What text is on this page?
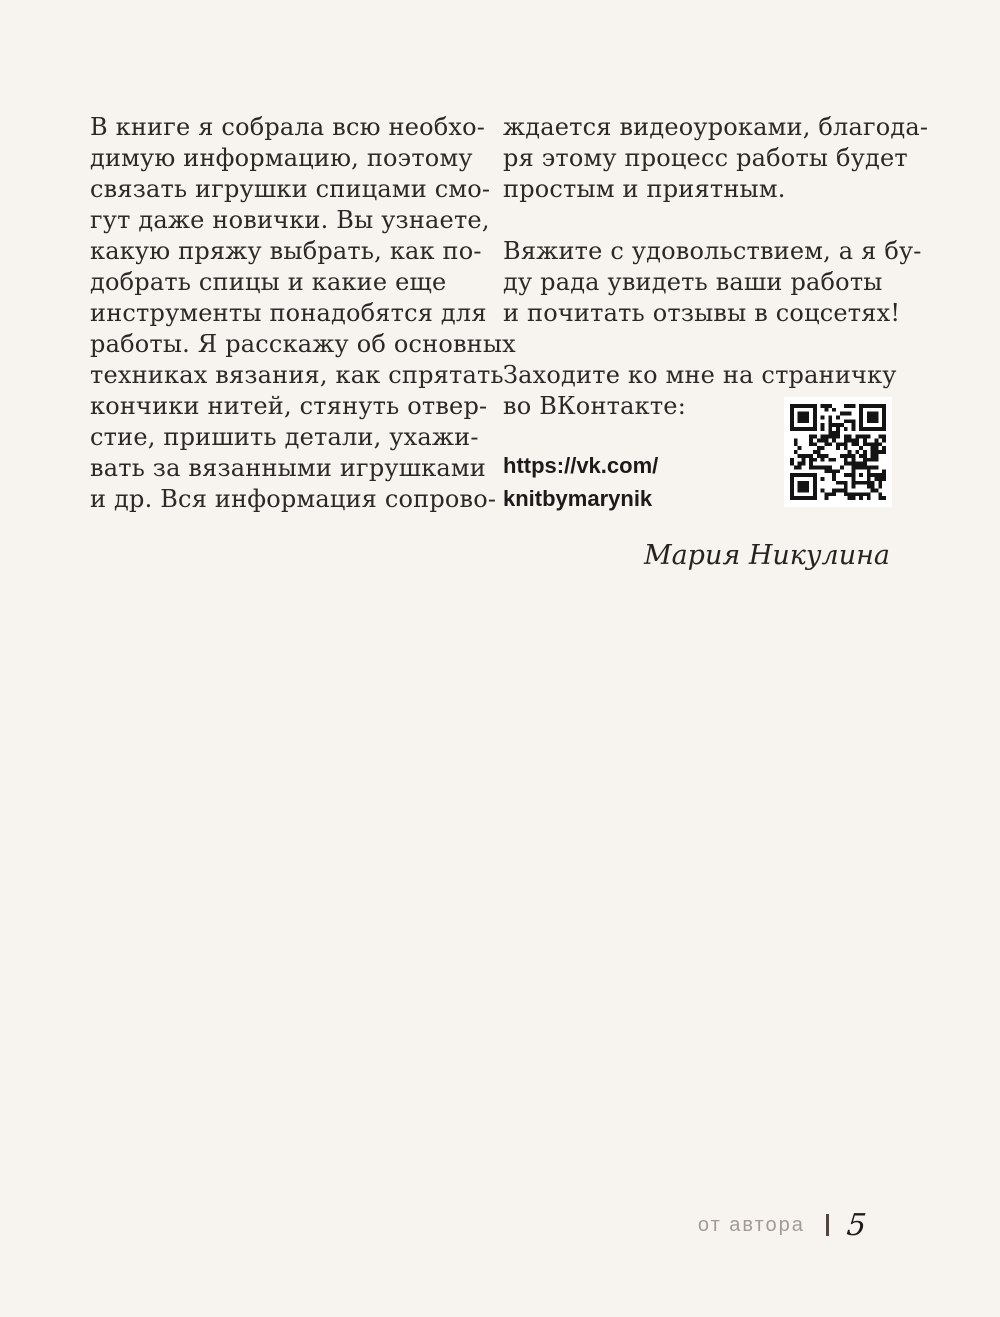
В книге я собрала всю необхо-
димую информацию, поэтому
связать игрушки спицами смо-
гут даже новички. Вы узнаете,
какую пряжу выбрать, как по-
добрать спицы и какие еще
инструменты понадобятся для
работы. Я расскажу об основных
техниках вязания, как спрятать
кончики нитей, стянуть отвер-
стие, пришить детали, ухажи-
вать за вязанными игрушками
и др. Вся информация сопрово-
ждается видеоуроками, благода-
ря этому процесс работы будет
простым и приятным.
Вяжите с удовольствием, а я бу-
ду рада увидеть ваши работы
и почитать отзывы в соцсетях!
Заходите ко мне на страничку
во ВКонтакте:
https://vk.com/
knitbymarynik
Мария Никулина
от автора 5
